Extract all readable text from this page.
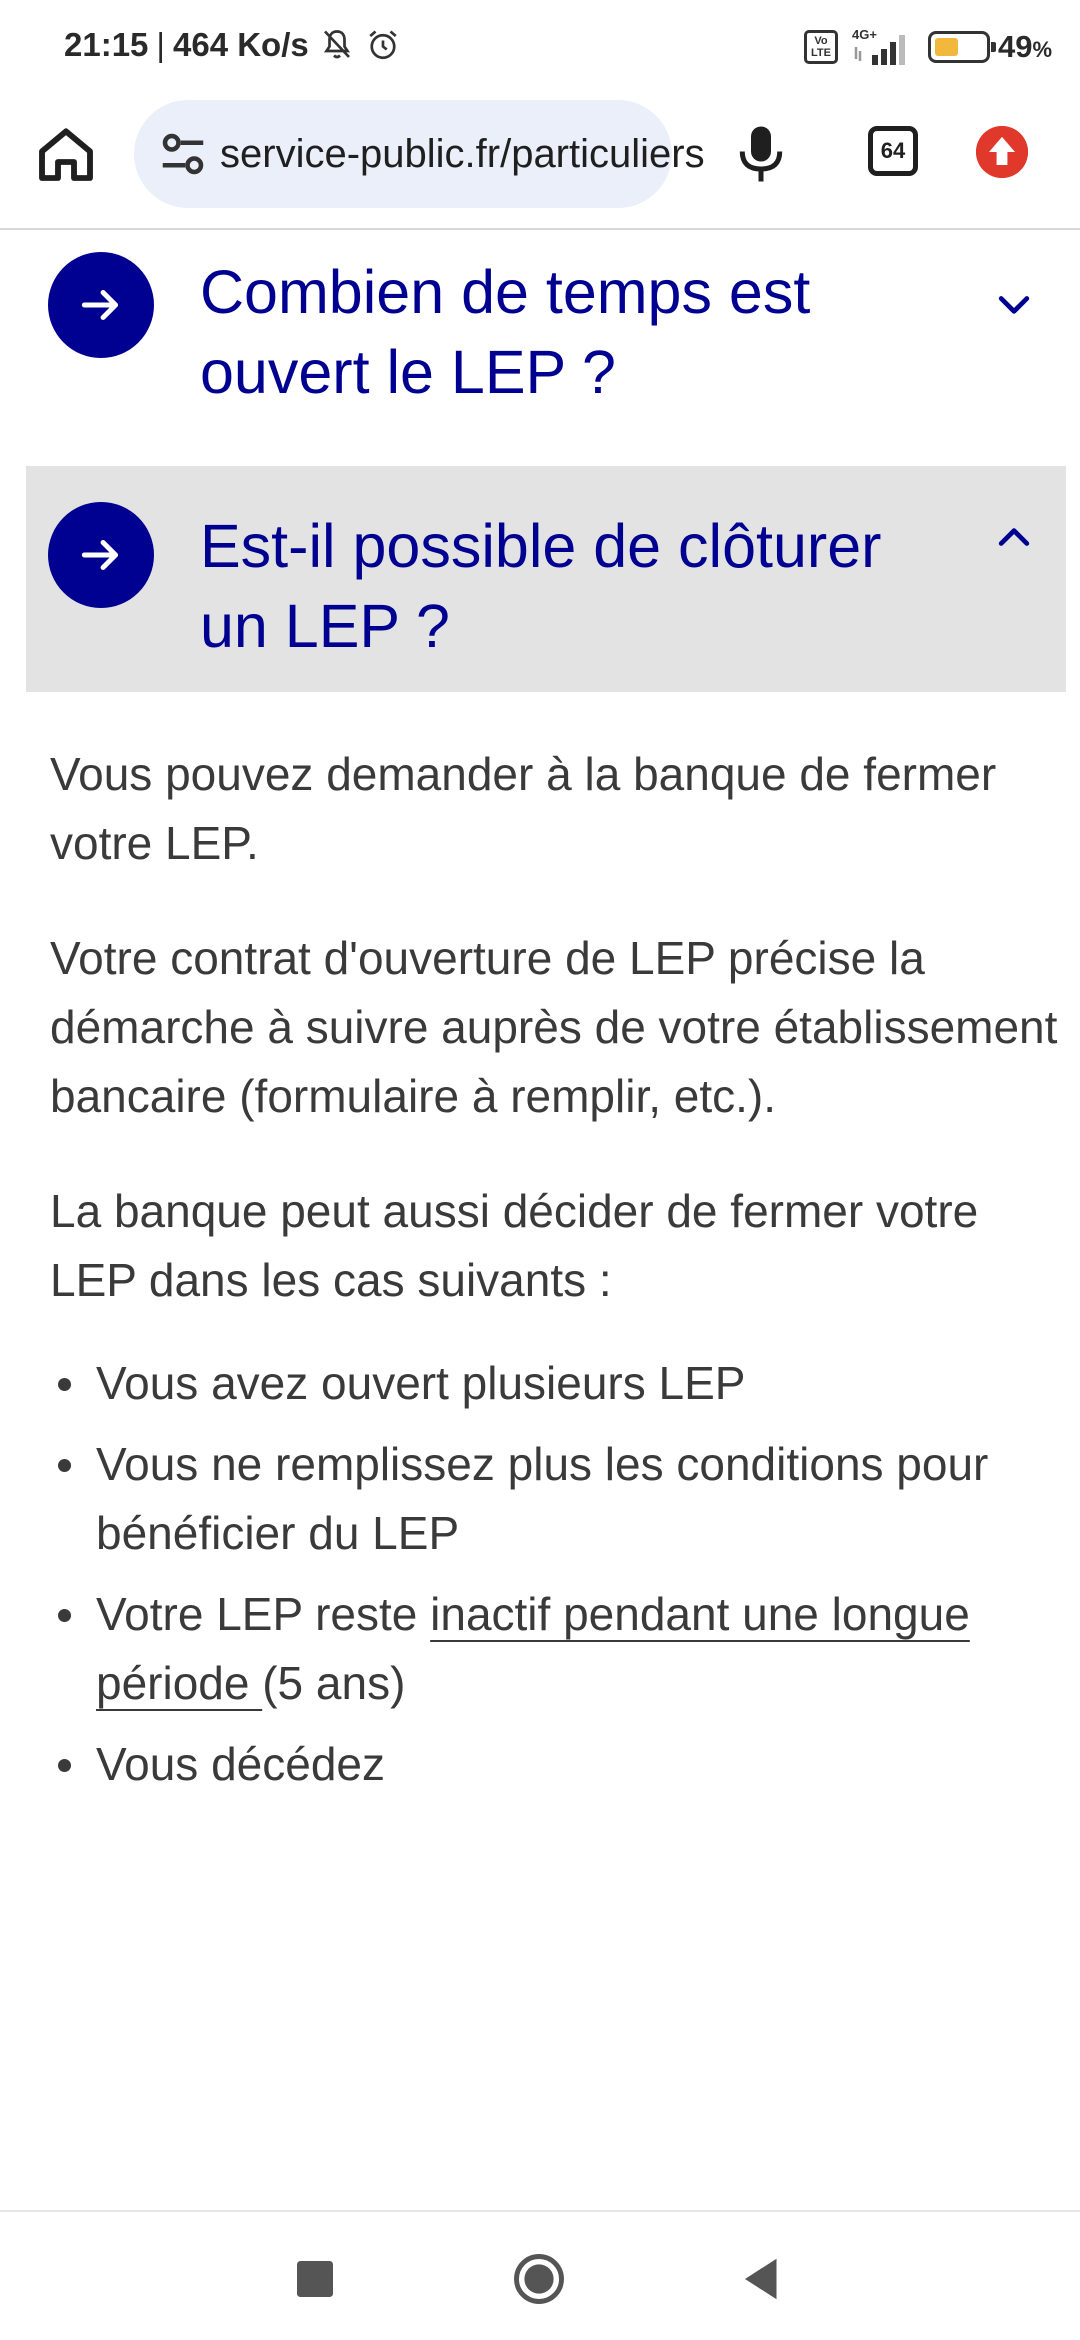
21:15 | 464 Ko/s	Vo LTE
4G+	49%
service-public.fr/particuliers	64
Combien de temps est ouvert le LEP ?
Est-il possible de clôturer un LEP ?

Vous pouvez demander à la banque de fermer votre LEP.

Votre contrat d'ouverture de LEP précise la démarche à suivre auprès de votre établissement bancaire (formulaire à remplir, etc.).

La banque peut aussi décider de fermer votre LEP dans les cas suivants :

Vous avez ouvert plusieurs LEP
Vous ne remplissez plus les conditions pour bénéficier du LEP
Votre LEP reste inactif pendant une longue période (5 ans)
Vous décédez
